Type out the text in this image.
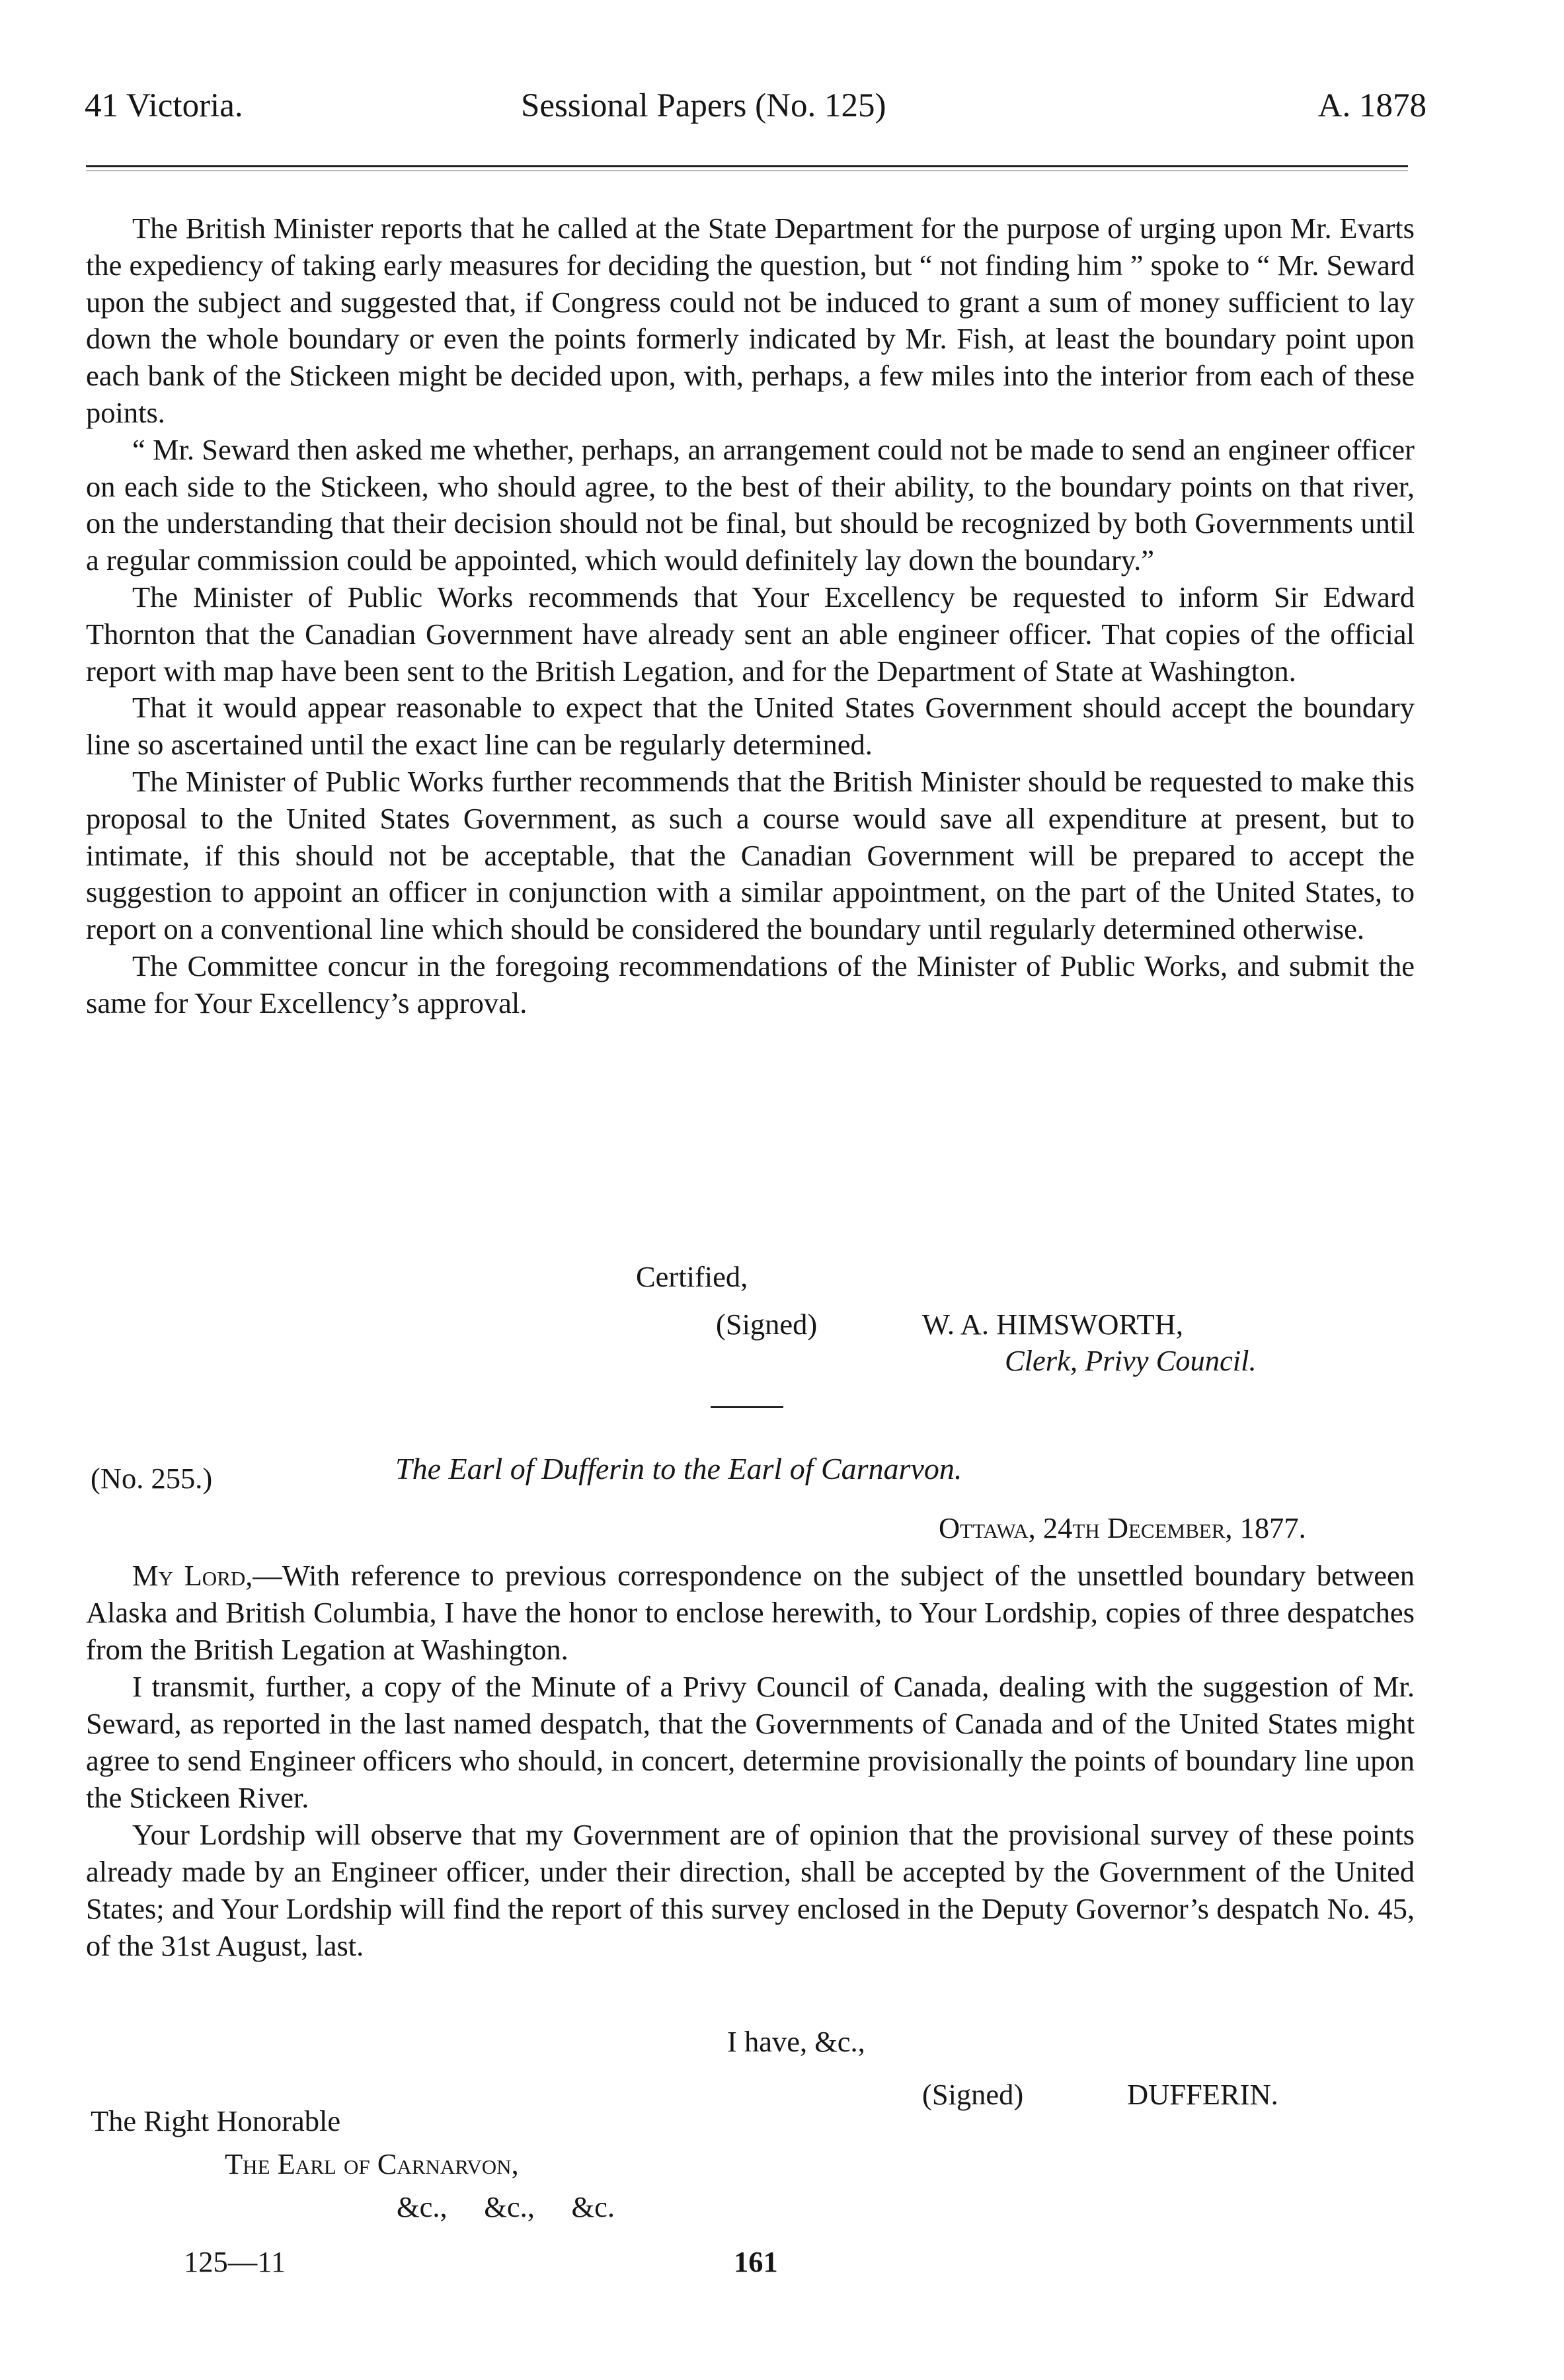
41 Victoria.	Sessional Papers (No. 125)	A. 1878

The British Minister reports that he called at the State Department for the purpose of urging upon Mr. Evarts the expediency of taking early measures for deciding the question, but “ not finding him ” spoke to “ Mr. Seward upon the subject and suggested that, if Congress could not be induced to grant a sum of money sufficient to lay down the whole boundary or even the points formerly indicated by Mr. Fish, at least the boundary point upon each bank of the Stickeen might be decided upon, with, perhaps, a few miles into the interior from each of these points.

“ Mr. Seward then asked me whether, perhaps, an arrangement could not be made to send an engineer officer on each side to the Stickeen, who should agree, to the best of their ability, to the boundary points on that river, on the understanding that their decision should not be final, but should be recognized by both Governments until a regular commission could be appointed, which would definitely lay down the boundary.”

The Minister of Public Works recommends that Your Excellency be requested to inform Sir Edward Thornton that the Canadian Government have already sent an able engineer officer. That copies of the official report with map have been sent to the British Legation, and for the Department of State at Washington.

That it would appear reasonable to expect that the United States Government should accept the boundary line so ascertained until the exact line can be regularly determined.

The Minister of Public Works further recommends that the British Minister should be requested to make this proposal to the United States Government, as such a course would save all expenditure at present, but to intimate, if this should not be acceptable, that the Canadian Government will be prepared to accept the suggestion to appoint an officer in conjunction with a similar appointment, on the part of the United States, to report on a conventional line which should be considered the boundary until regularly determined otherwise.

The Committee concur in the foregoing recommendations of the Minister of Public Works, and submit the same for Your Excellency’s approval.

Certified,
(Signed)	W. A. HIMSWORTH,
Clerk, Privy Council.
(No. 255.)	The Earl of Dufferin to the Earl of Carnarvon.
Ottawa, 24th December, 1877.

My Lord,—With reference to previous correspondence on the subject of the unsettled boundary between Alaska and British Columbia, I have the honor to enclose herewith, to Your Lordship, copies of three despatches from the British Legation at Washington.

I transmit, further, a copy of the Minute of a Privy Council of Canada, dealing with the suggestion of Mr. Seward, as reported in the last named despatch, that the Governments of Canada and of the United States might agree to send Engineer officers who should, in concert, determine provisionally the points of boundary line upon the Stickeen River.

Your Lordship will observe that my Government are of opinion that the provisional survey of these points already made by an Engineer officer, under their direction, shall be accepted by the Government of the United States; and Your Lordship will find the report of this survey enclosed in the Deputy Governor’s despatch No. 45, of the 31st August, last.

I have, &c.,
(Signed)	DUFFERIN.
The Right Honorable
The Earl of Carnarvon,
&c.,     &c.,     &c.
125—11	161
